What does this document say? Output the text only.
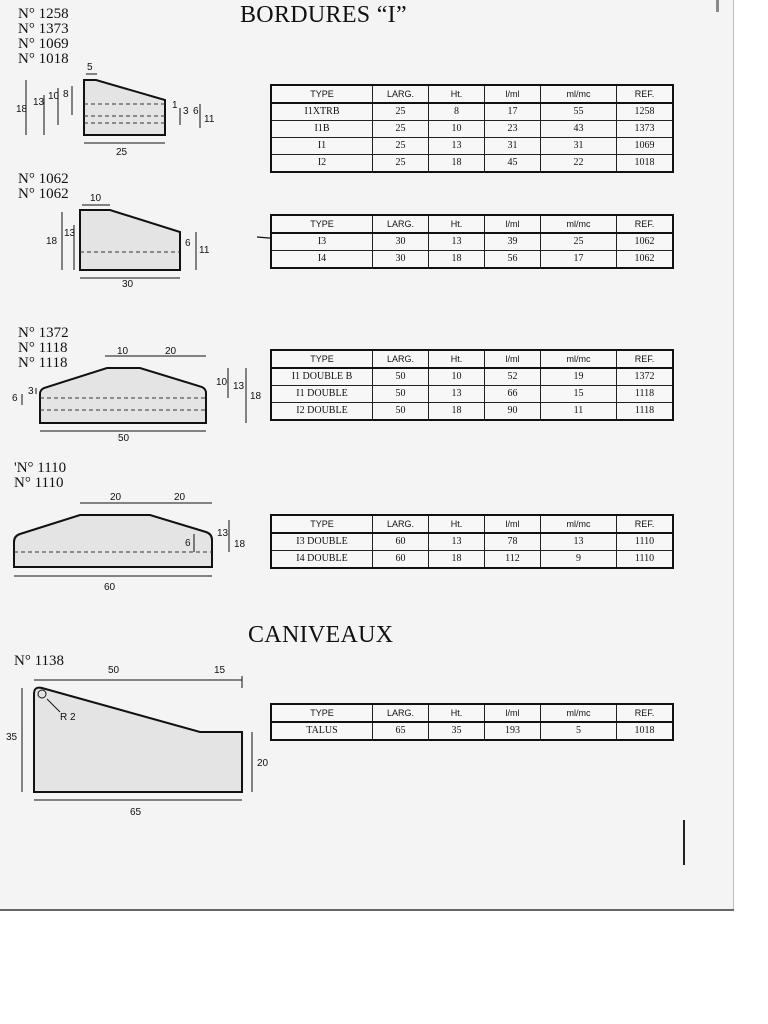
BORDURES “I”
CANIVEAUX
N° 1258
N° 1373
N° 1069
N° 1018
5
18
13
10 8
1
3 6
11
25
TYPE	LARG.	Ht.	l/ml	ml/mc	REF.
I1XTRB	25	8	17	55	1258
I1B	25	10	23	43	1373
I1	25	13	31	31	1069
I2	25	18	45	22	1018
N° 1062
N° 1062 10
18
13
6
11
30
TYPE	LARG.	Ht.	l/ml	ml/mc	REF.
I3	30	13	39	25	1062
I4	30	18	56	17	1062
N° 1372
N° 1118
N° 1118
10	20
6
3
10 13
18
50
TYPE	LARG.	Ht.	l/ml	ml/mc	REF.
I1 DOUBLE B	50	10	52	19	1372
I1 DOUBLE	50	13	66	15	1118
I2 DOUBLE	50	18	90	11	1118
'N° 1110
N° 1110
20	20
6
13
18
60
TYPE	LARG.	Ht.	l/ml	ml/mc	REF.
I3 DOUBLE	60	13	78	13	1110
I4 DOUBLE	60	18	112	9	1110
N° 1138
50	15
R 2
35
20
65
TYPE	LARG.	Ht.	l/ml	ml/mc	REF.
TALUS	65	35	193	5	1018
